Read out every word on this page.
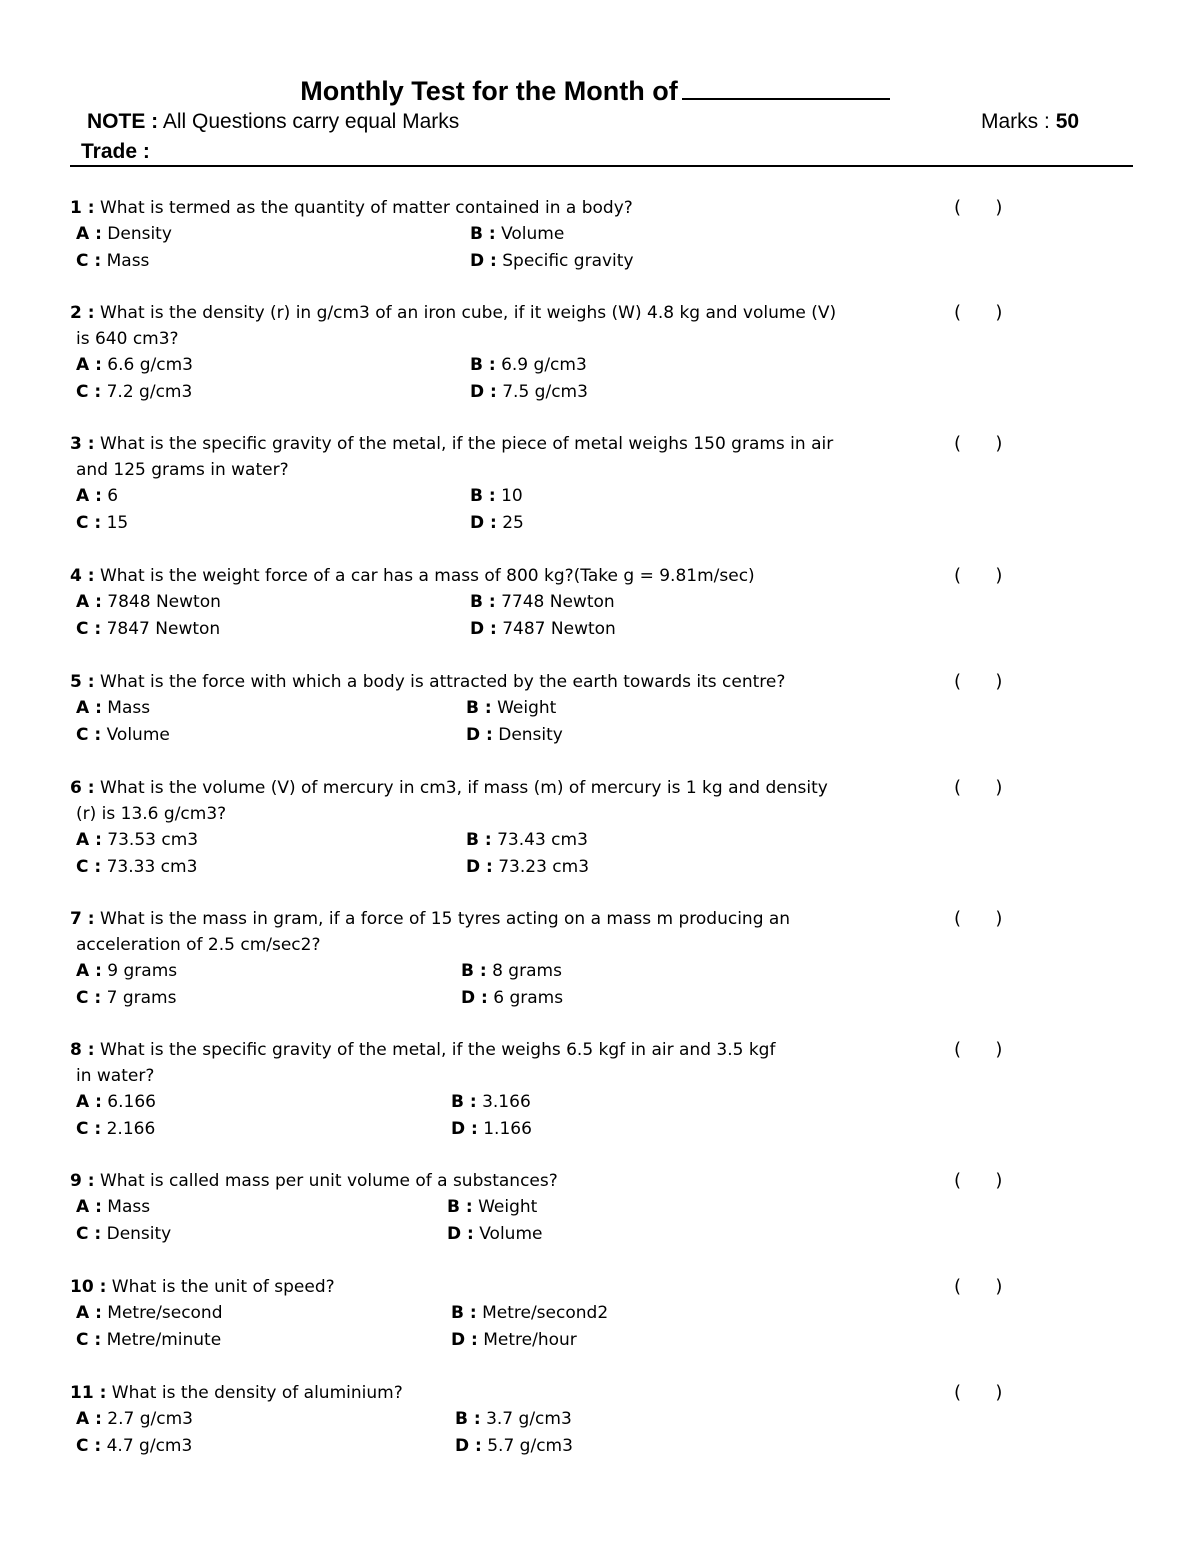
Monthly Test for the Month of
NOTE : All Questions carry equal Marks	Marks : 50
Trade :
1 : What is termed as the quantity of matter contained in a body?	(      )
A : Density	B : Volume
C : Mass	D : Specific gravity
2 : What is the density (r) in g/cm3 of an iron cube, if it weighs (W) 4.8 kg and volume (V)
is 640 cm3?
(      )
A : 6.6 g/cm3	B : 6.9 g/cm3
C : 7.2 g/cm3	D : 7.5 g/cm3
3 : What is the specific gravity of the metal, if the piece of metal weighs 150 grams in air
and 125 grams in water?
(      )
A : 6	B : 10
C : 15	D : 25
4 : What is the weight force of a car has a mass of 800 kg?(Take g = 9.81m/sec)	(      )
A : 7848 Newton	B : 7748 Newton
C : 7847 Newton	D : 7487 Newton
5 : What is the force with which a body is attracted by the earth towards its centre?	(      )
A : Mass	B : Weight
C : Volume	D : Density
6 : What is the volume (V) of mercury in cm3, if mass (m) of mercury is 1 kg and density
(r) is 13.6 g/cm3?
(      )
A : 73.53 cm3	B : 73.43 cm3
C : 73.33 cm3	D : 73.23 cm3
7 : What is the mass in gram, if a force of 15 tyres acting on a mass m producing an
acceleration of 2.5 cm/sec2?
(      )
A : 9 grams	B : 8 grams
C : 7 grams	D : 6 grams
8 : What is the specific gravity of the metal, if the weighs 6.5 kgf in air and 3.5 kgf
in water?
(      )
A : 6.166	B : 3.166
C : 2.166	D : 1.166
9 : What is called mass per unit volume of a substances?	(      )
A : Mass	B : Weight
C : Density	D : Volume
10 : What is the unit of speed?	(      )
A : Metre/second	B : Metre/second2
C : Metre/minute	D : Metre/hour
11 : What is the density of aluminium?	(      )
A : 2.7 g/cm3	B : 3.7 g/cm3
C : 4.7 g/cm3	D : 5.7 g/cm3
